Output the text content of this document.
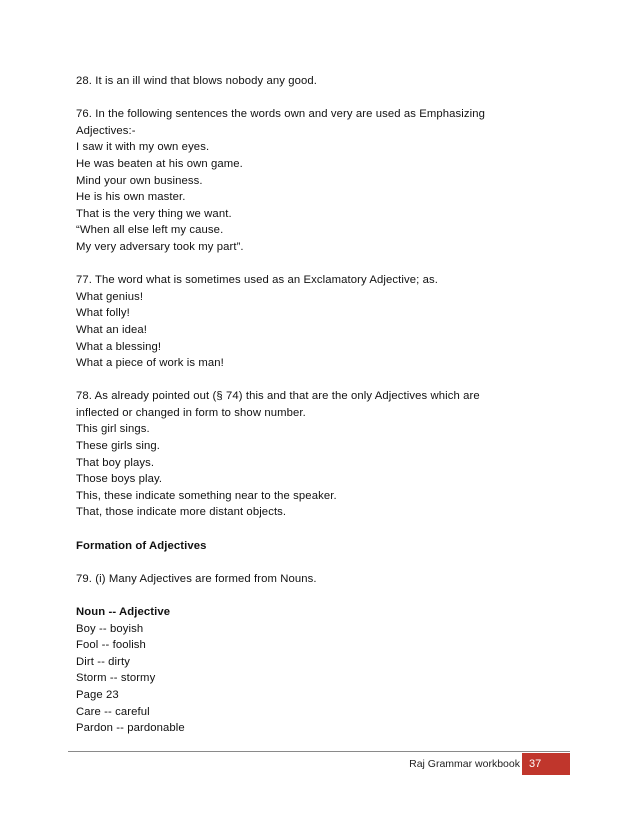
28. It is an ill wind that blows nobody any good.
76. In the following sentences the words own and very are used as Emphasizing
Adjectives:-
I saw it with my own eyes.
He was beaten at his own game.
Mind your own business.
He is his own master.
That is the very thing we want.
“When all else left my cause.
My very adversary took my part”.
77. The word what is sometimes used as an Exclamatory Adjective; as.
What genius!
What folly!
What an idea!
What a blessing!
What a piece of work is man!
78. As already pointed out (§ 74) this and that are the only Adjectives which are
inflected or changed in form to show number.
This girl sings.
These girls sing.
That boy plays.
Those boys play.
This, these indicate something near to the speaker.
That, those indicate more distant objects.
Formation of Adjectives
79. (i) Many Adjectives are formed from Nouns.
Noun -- Adjective
Boy -- boyish
Fool -- foolish
Dirt -- dirty
Storm -- stormy
Page 23
Care -- careful
Pardon -- pardonable
Raj Grammar workbook 37
